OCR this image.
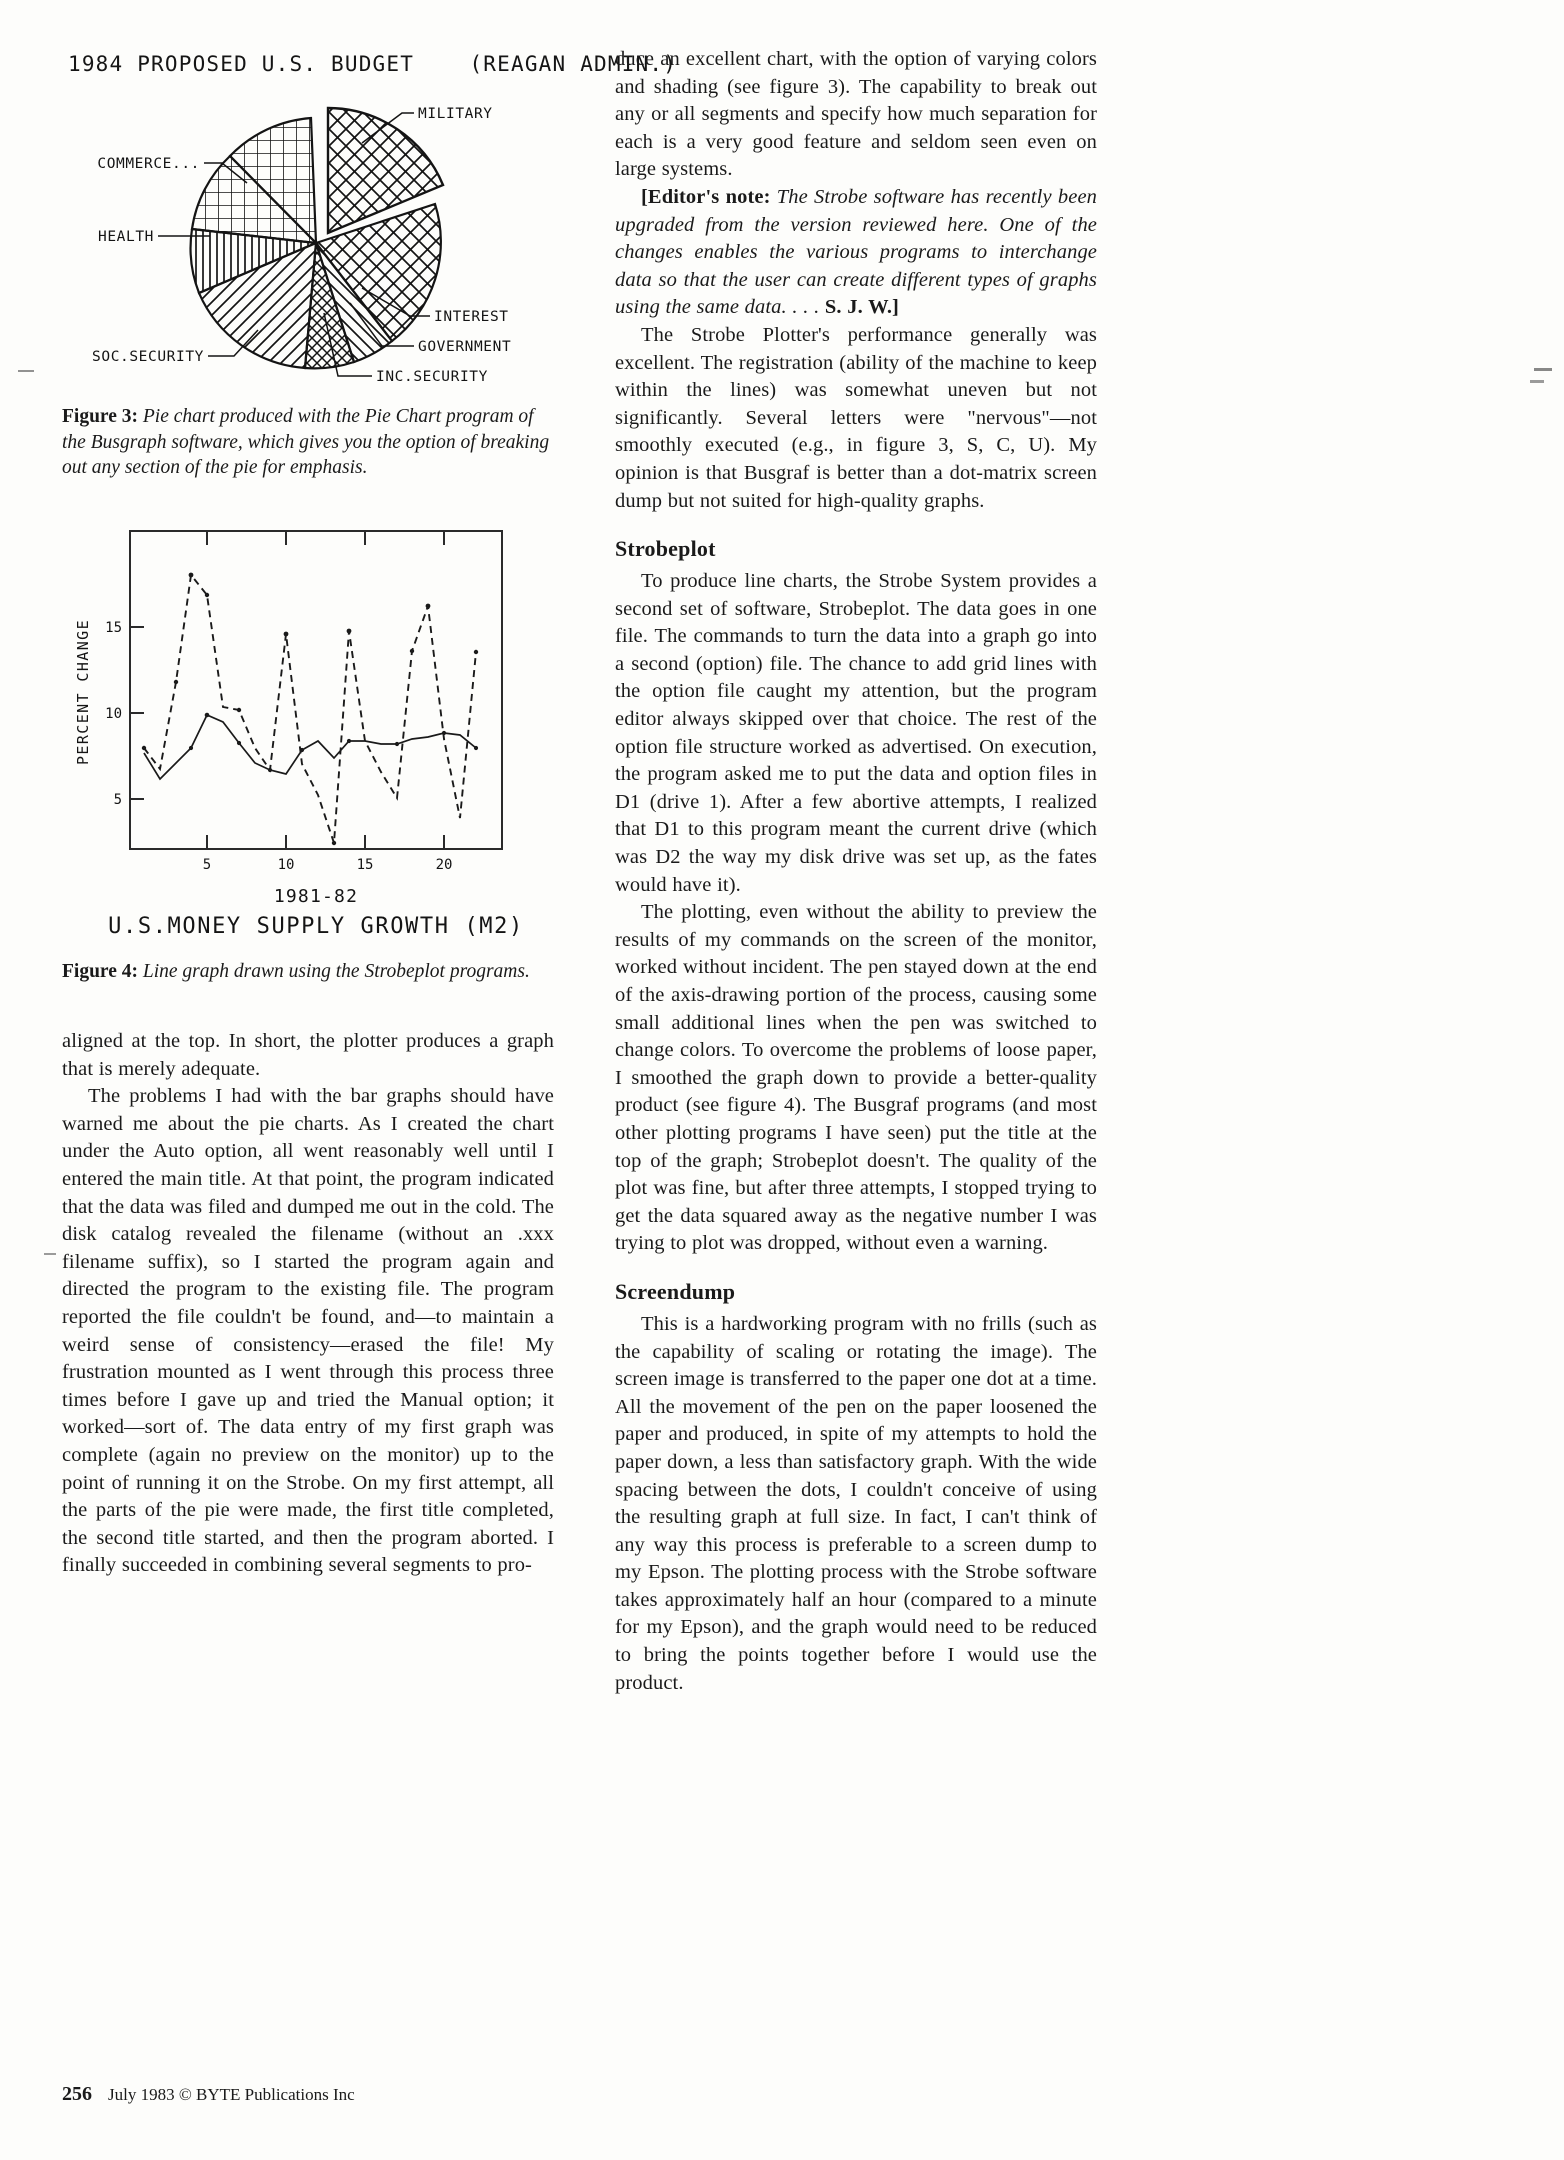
1984 PROPOSED U.S. BUDGET    (REAGAN ADMIN.)
MILITARY
COMMERCE...
HEALTH
INTEREST
GOVERNMENT
INC.SECURITY
SOC.SECURITY
Figure 3: Pie chart produced with the Pie Chart program of the Busgraph software, which gives you the option of breaking out any section of the pie for emphasis.
15
10
5
5	10	15	20
PERCENT CHANGE
1981-82
U.S.MONEY SUPPLY GROWTH (M2)
Figure 4: Line graph drawn using the Strobeplot programs.

aligned at the top. In short, the plotter produces a graph that is merely adequate.

The problems I had with the bar graphs should have warned me about the pie charts. As I created the chart under the Auto option, all went reasonably well until I entered the main title. At that point, the program indicated that the data was filed and dumped me out in the cold. The disk catalog revealed the filename (without an .xxx filename suffix), so I started the program again and directed the program to the existing file. The program reported the file couldn't be found, and—to maintain a weird sense of consistency—erased the file! My frustration mounted as I went through this process three times before I gave up and tried the Manual option; it worked—sort of. The data entry of my first graph was complete (again no preview on the monitor) up to the point of running it on the Strobe. On my first attempt, all the parts of the pie were made, the first title completed, the second title started, and then the program aborted. I finally succeeded in combining several segments to pro-

duce an excellent chart, with the option of varying colors and shading (see figure 3). The capability to break out any or all segments and specify how much separation for each is a very good feature and seldom seen even on large systems.

[Editor's note: The Strobe software has recently been upgraded from the version reviewed here. One of the changes enables the various programs to interchange data so that the user can create different types of graphs using the same data. . . . S. J. W.]

The Strobe Plotter's performance generally was excellent. The registration (ability of the machine to keep within the lines) was somewhat uneven but not significantly. Several letters were "nervous"—not smoothly executed (e.g., in figure 3, S, C, U). My opinion is that Busgraf is better than a dot-matrix screen dump but not suited for high-quality graphs.

Strobeplot

To produce line charts, the Strobe System provides a second set of software, Strobeplot. The data goes in one file. The commands to turn the data into a graph go into a second (option) file. The chance to add grid lines with the option file caught my attention, but the program editor always skipped over that choice. The rest of the option file structure worked as advertised. On execution, the program asked me to put the data and option files in D1 (drive 1). After a few abortive attempts, I realized that D1 to this program meant the current drive (which was D2 the way my disk drive was set up, as the fates would have it).

The plotting, even without the ability to preview the results of my commands on the screen of the monitor, worked without incident. The pen stayed down at the end of the axis-drawing portion of the process, causing some small additional lines when the pen was switched to change colors. To overcome the problems of loose paper, I smoothed the graph down to provide a better-quality product (see figure 4). The Busgraf programs (and most other plotting programs I have seen) put the title at the top of the graph; Strobeplot doesn't. The quality of the plot was fine, but after three attempts, I stopped trying to get the data squared away as the negative number I was trying to plot was dropped, without even a warning.

Screendump

This is a hardworking program with no frills (such as the capability of scaling or rotating the image). The screen image is transferred to the paper one dot at a time. All the movement of the pen on the paper loosened the paper and produced, in spite of my attempts to hold the paper down, a less than satisfactory graph. With the wide spacing between the dots, I couldn't conceive of using the resulting graph at full size. In fact, I can't think of any way this process is preferable to a screen dump to my Epson. The plotting process with the Strobe software takes approximately half an hour (compared to a minute for my Epson), and the graph would need to be reduced to bring the points together before I would use the product.

256 July 1983 © BYTE Publications Inc
